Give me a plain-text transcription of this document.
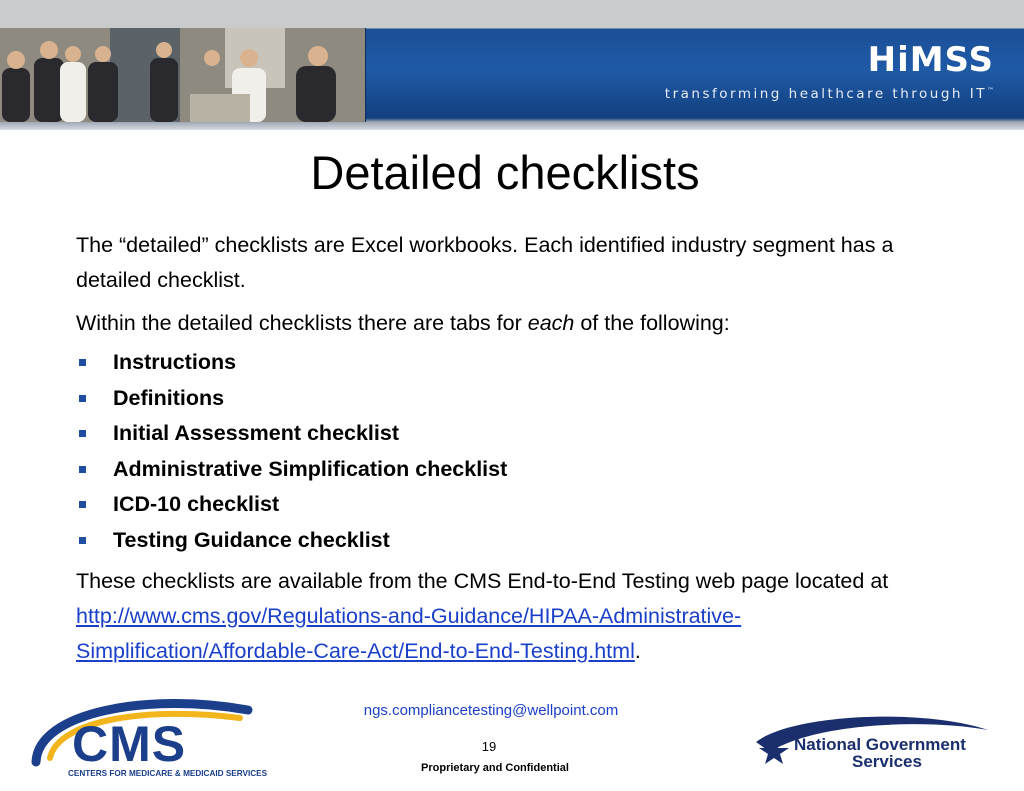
HiMSS
transforming healthcare through IT™
Detailed checklists

The “detailed” checklists are Excel workbooks. Each identified industry segment has a detailed checklist.

Within the detailed checklists there are tabs for each of the following:

Instructions
Definitions
Initial Assessment checklist
Administrative Simplification checklist
ICD-10 checklist
Testing Guidance checklist

These checklists are available from the CMS End-to-End Testing web page located at http://www.cms.gov/Regulations-and-Guidance/HIPAA-Administrative-Simplification/Affordable-Care-Act/End-to-End-Testing.html.

ngs.compliancetesting@wellpoint.com
19
Proprietary and Confidential
CMS
CENTERS FOR MEDICARE & MEDICAID SERVICES
National Government
Services
